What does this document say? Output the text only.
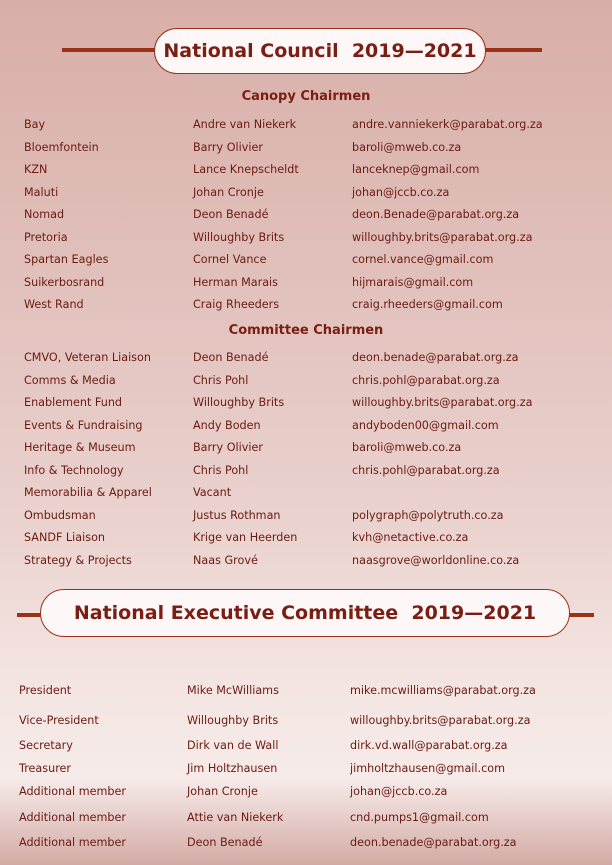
National Council  2019—2021
Canopy Chairmen
Bay	Andre van Niekerk	andre.vanniekerk@parabat.org.za
Bloemfontein	Barry Olivier	baroli@mweb.co.za
KZN	Lance Knepscheldt	lanceknep@gmail.com
Maluti	Johan Cronje	johan@jccb.co.za
Nomad	Deon Benadé	deon.Benade@parabat.org.za
Pretoria	Willoughby Brits	willoughby.brits@parabat.org.za
Spartan Eagles	Cornel Vance	cornel.vance@gmail.com
Suikerbosrand	Herman Marais	hijmarais@gmail.com
West Rand	Craig Rheeders	craig.rheeders@gmail.com
Committee Chairmen
CMVO, Veteran Liaison	Deon Benadé	deon.benade@parabat.org.za
Comms & Media	Chris Pohl	chris.pohl@parabat.org.za
Enablement Fund	Willoughby Brits	willoughby.brits@parabat.org.za
Events & Fundraising	Andy Boden	andyboden00@gmail.com
Heritage & Museum	Barry Olivier	baroli@mweb.co.za
Info & Technology	Chris Pohl	chris.pohl@parabat.org.za
Memorabilia & Apparel	Vacant
Ombudsman	Justus Rothman	polygraph@polytruth.co.za
SANDF Liaison	Krige van Heerden	kvh@netactive.co.za
Strategy & Projects	Naas Grové	naasgrove@worldonline.co.za
National Executive Committee  2019—2021
President	Mike McWilliams	mike.mcwilliams@parabat.org.za
Vice-President	Willoughby Brits	willoughby.brits@parabat.org.za
Secretary	Dirk van de Wall	dirk.vd.wall@parabat.org.za
Treasurer	Jim Holtzhausen	jimholtzhausen@gmail.com
Additional member	Johan Cronje	johan@jccb.co.za
Additional member	Attie van Niekerk	cnd.pumps1@gmail.com
Additional member	Deon Benadé	deon.benade@parabat.org.za
